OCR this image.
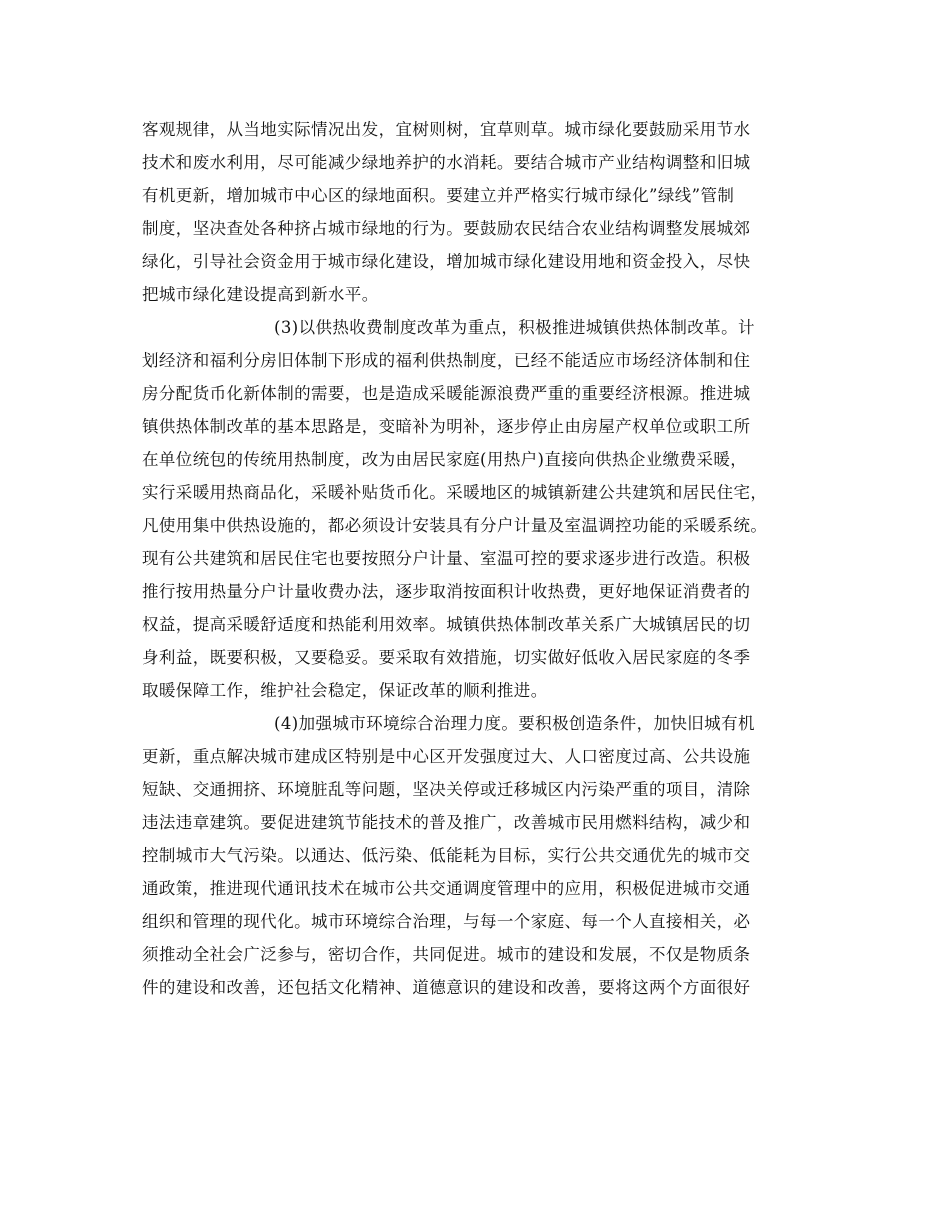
客观规律，从当地实际情况出发，宜树则树，宜草则草。城市绿化要鼓励采用节水
技术和废水利用，尽可能减少绿地养护的水消耗。要结合城市产业结构调整和旧城
有机更新，增加城市中心区的绿地面积。要建立并严格实行城市绿化”绿线”管制
制度，坚决查处各种挤占城市绿地的行为。要鼓励农民结合农业结构调整发展城郊
绿化，引导社会资金用于城市绿化建设，增加城市绿化建设用地和资金投入，尽快
把城市绿化建设提高到新水平。
(3)以供热收费制度改革为重点，积极推进城镇供热体制改革。计
划经济和福利分房旧体制下形成的福利供热制度，已经不能适应市场经济体制和住
房分配货币化新体制的需要，也是造成采暖能源浪费严重的重要经济根源。推进城
镇供热体制改革的基本思路是，变暗补为明补，逐步停止由房屋产权单位或职工所
在单位统包的传统用热制度，改为由居民家庭(用热户)直接向供热企业缴费采暖，
实行采暖用热商品化，采暖补贴货币化。采暖地区的城镇新建公共建筑和居民住宅，
凡使用集中供热设施的，都必须设计安装具有分户计量及室温调控功能的采暖系统。
现有公共建筑和居民住宅也要按照分户计量、室温可控的要求逐步进行改造。积极
推行按用热量分户计量收费办法，逐步取消按面积计收热费，更好地保证消费者的
权益，提高采暖舒适度和热能利用效率。城镇供热体制改革关系广大城镇居民的切
身利益，既要积极，又要稳妥。要采取有效措施，切实做好低收入居民家庭的冬季
取暖保障工作，维护社会稳定，保证改革的顺利推进。
(4)加强城市环境综合治理力度。要积极创造条件，加快旧城有机
更新，重点解决城市建成区特别是中心区开发强度过大、人口密度过高、公共设施
短缺、交通拥挤、环境脏乱等问题，坚决关停或迁移城区内污染严重的项目，清除
违法违章建筑。要促进建筑节能技术的普及推广，改善城市民用燃料结构，减少和
控制城市大气污染。以通达、低污染、低能耗为目标，实行公共交通优先的城市交
通政策，推进现代通讯技术在城市公共交通调度管理中的应用，积极促进城市交通
组织和管理的现代化。城市环境综合治理，与每一个家庭、每一个人直接相关，必
须推动全社会广泛参与，密切合作，共同促进。城市的建设和发展，不仅是物质条
件的建设和改善，还包括文化精神、道德意识的建设和改善，要将这两个方面很好
